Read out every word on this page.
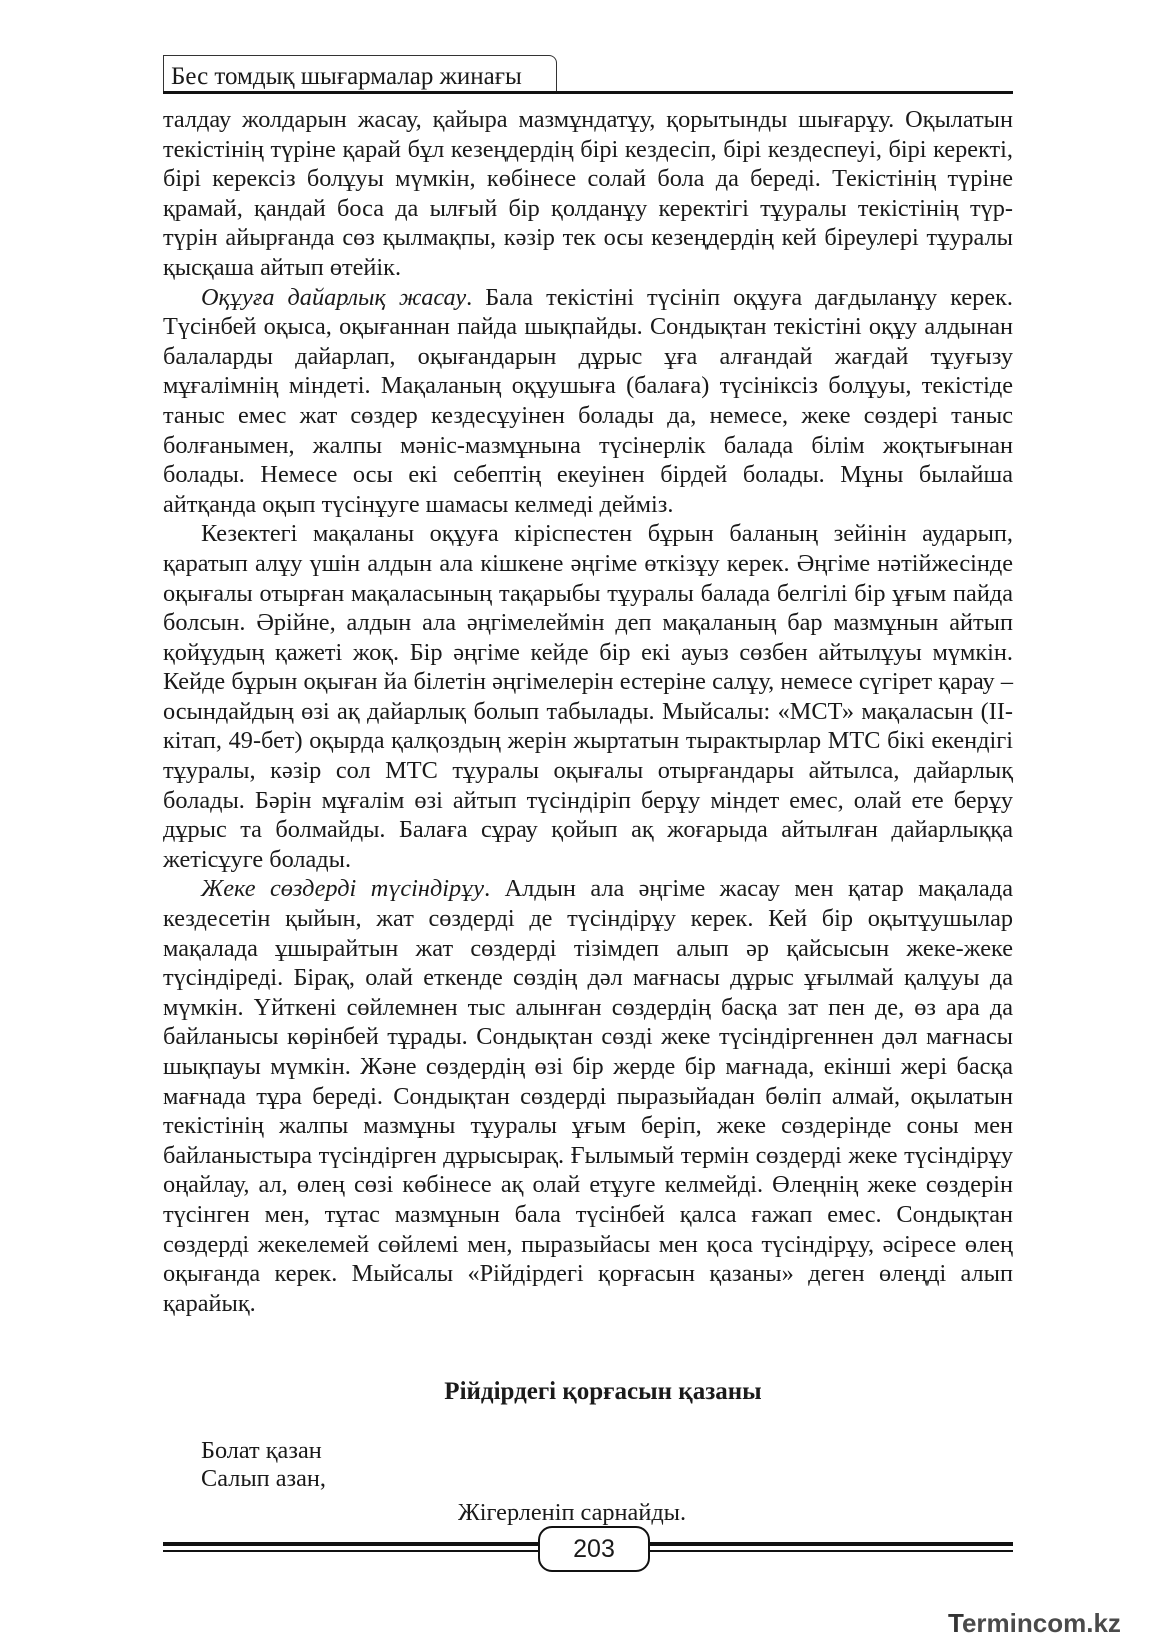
Бес томдық шығармалар жинағы

талдау жолдарын жасау, қайыра мазмұндатұу, қорытынды шығарұу. Оқылатын текістінің түріне қарай бұл кезеңдердің бірі кездесіп, бірі кездеспеуі, бірі керекті, бірі керексіз болұуы мүмкін, көбінесе солай бола да береді. Текістінің түріне қрамай, қандай боса да ылғый бір қолданұу керектігі тұуралы текістінің түр-түрін айырғанда сөз қылмақпы, кәзір тек осы кезеңдердің кей біреулері тұуралы қысқаша айтып өтейік.

Оқұуға дайарлық жасау. Бала текістіні түсініп оқұуға дағдыланұу керек. Түсінбей оқыса, оқығаннан пайда шықпайды. Сондықтан текістіні оқұу алдынан балаларды дайарлап, оқығандарын дұрыс ұға алғандай жағдай тұуғызу мұғалімнің міндеті. Мақаланың оқұушыға (балаға) түсініксіз болұуы, текістіде таныс емес жат сөздер кездесұуінен болады да, немесе, жеке сөздері таныс болғанымен, жалпы мәніс-мазмұнына түсінерлік балада білім жоқтығынан болады. Немесе осы екі себептің екеуінен бірдей болады. Мұны былайша айтқанда оқып түсінұуге шамасы келмеді дейміз.

Кезектегі мақаланы оқұуға кіріспестен бұрын баланың зейінін аударып, қаратып алұу үшін алдын ала кішкене әңгіме өткізұу керек. Әңгіме нәтійжесінде оқығалы отырған мақаласының тақарыбы тұуралы балада белгілі бір ұғым пайда болсын. Әрійне, алдын ала әңгімелеймін деп мақаланың бар мазмұнын айтып қойұудың қажеті жоқ. Бір әңгіме кейде бір екі ауыз сөзбен айтылұуы мүмкін. Кейде бұрын оқыған йа білетін әңгімелерін естеріне салұу, немесе сүгірет қарау – осындайдың өзі ақ дайарлық болып табылады. Мыйсалы: «МСТ» мақаласын (II- кітап, 49-бет) оқырда қалқоздың жерін жыртатын тырактырлар МТС бікі екендігі тұуралы, кәзір сол МТС тұуралы оқығалы отырғандары айтылса, дайарлық болады. Бәрін мұғалім өзі айтып түсіндіріп берұу міндет емес, олай ете берұу дұрыс та болмайды. Балаға сұрау қойып ақ жоғарыда айтылған дайарлыққа жетісұуге болады.

Жеке сөздерді түсіндірұу. Алдын ала әңгіме жасау мен қатар мақалада кездесетін қыйын, жат сөздерді де түсіндірұу керек. Кей бір оқытұушылар мақалада ұшырайтын жат сөздерді тізімдеп алып әр қайсысын жеке-жеке түсіндіреді. Бірақ, олай еткенде сөздің дәл мағнасы дұрыс ұғылмай қалұуы да мүмкін. Үйткені сөйлемнен тыс алынған сөздердің басқа зат пен де, өз ара да байланысы көрінбей тұрады. Сондықтан сөзді жеке түсіндіргеннен дәл мағнасы шықпауы мүмкін. Және сөздердің өзі бір жерде бір мағнада, екінші жері басқа мағнада тұра береді. Сондықтан сөздерді пыразыйадан бөліп алмай, оқылатын текістінің жалпы мазмұны тұуралы ұғым беріп, жеке сөздерінде соны мен байланыстыра түсіндірген дұрысырақ. Ғылымый термін сөздерді жеке түсіндірұу оңайлау, ал, өлең сөзі көбінесе ақ олай етұуге келмейді. Өлеңнің жеке сөздерін түсінген мен, тұтас мазмұнын бала түсінбей қалса ғажап емес. Сондықтан сөздерді жекелемей сөйлемі мен, пыразыйасы мен қоса түсіндірұу, әсіресе өлең оқығанда керек. Мыйсалы «Рійдірдегі қорғасын қазаны» деген өлеңді алып қарайық.

Рійдірдегі қорғасын қазаны
Болат қазан
Салып азан,
Жігерленіп сарнайды.
203
Termincom.kz
